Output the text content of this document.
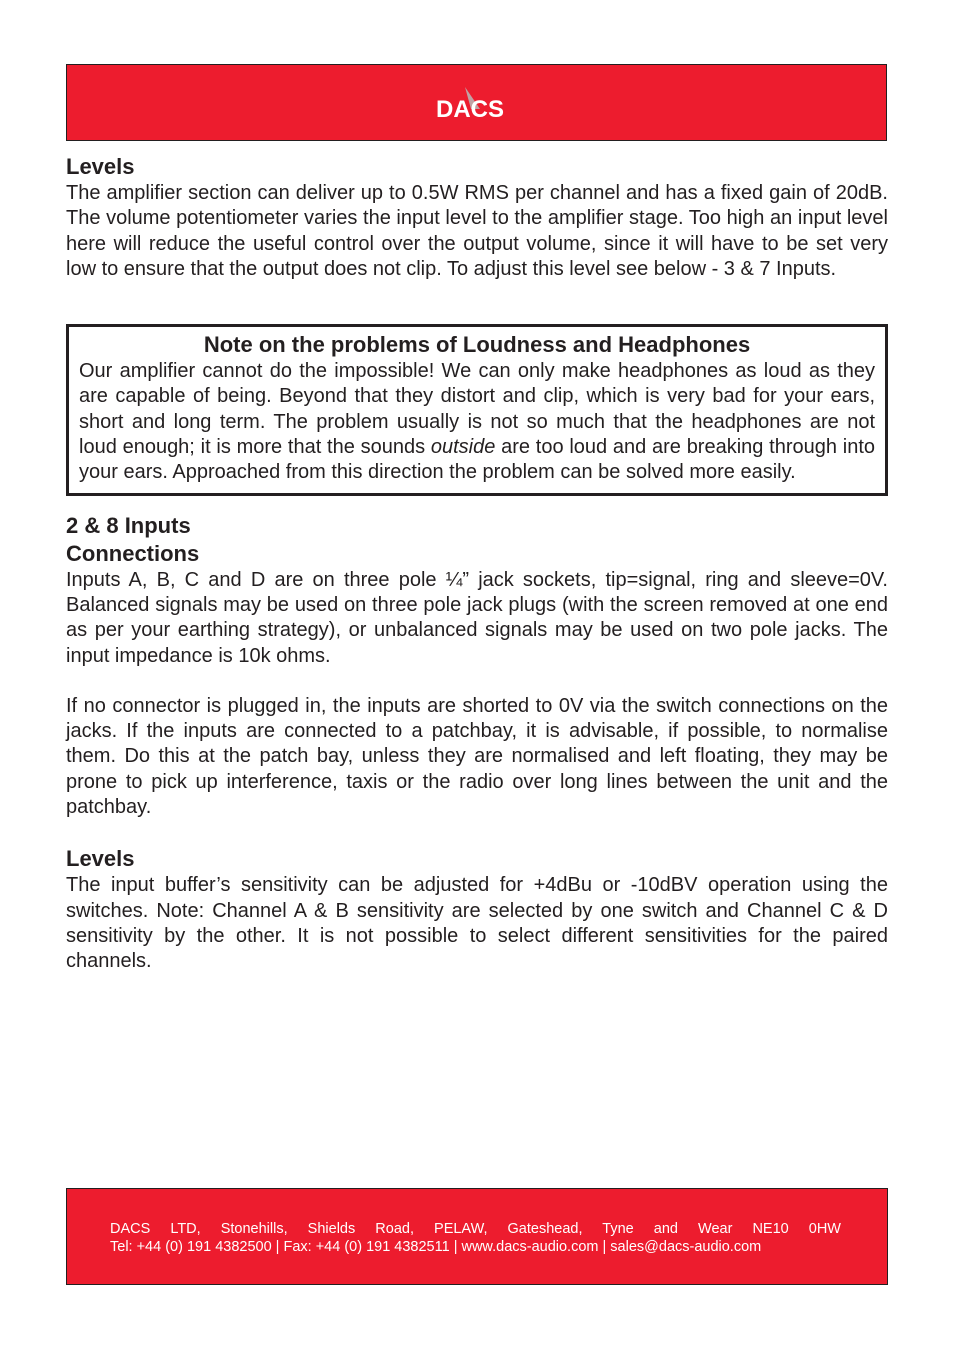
DACS
Levels

The amplifier section can deliver up to 0.5W RMS per channel and has a fixed gain of 20dB. The volume potentiometer varies the input level to the amplifier stage. Too high an input level here will reduce the useful control over the output volume, since it will have to be set very low to ensure that the output does not clip. To adjust this level see below - 3 & 7 Inputs.

Note on the problems of Loudness and Headphones

Our amplifier cannot do the impossible! We can only make headphones as loud as they are capable of being. Beyond that they distort and clip, which is very bad for your ears, short and long term. The problem usually is not so much that the headphones are not loud enough; it is more that the sounds outside are too loud and are breaking through into your ears. Approached from this direction the problem can be solved more easily.

2 & 8 Inputs
Connections

Inputs A, B, C and D are on three pole ¼” jack sockets, tip=signal, ring and sleeve=0V. Balanced signals may be used on three pole jack plugs (with the screen removed at one end as per your earthing strategy), or unbalanced signals may be used on two pole jacks. The input impedance is 10k ohms.

If no connector is plugged in, the inputs are shorted to 0V via the switch connections on the jacks. If the inputs are connected to a patchbay, it is advisable, if possible, to normalise them. Do this at the patch bay, unless they are normalised and left floating, they may be prone to pick up interference, taxis or the radio over long lines between the unit and the patchbay.

Levels

The input buffer’s sensitivity can be adjusted for +4dBu or -10dBV operation using the switches. Note: Channel A & B sensitivity are selected by one switch and Channel C & D sensitivity by the other. It is not possible to select different sensitivities for the paired channels.

DACS LTD, Stonehills, Shields Road, PELAW, Gateshead, Tyne and Wear NE10 0HW
Tel: +44 (0) 191 4382500 | Fax: +44 (0) 191 4382511 | www.dacs-audio.com | sales@dacs-audio.com
